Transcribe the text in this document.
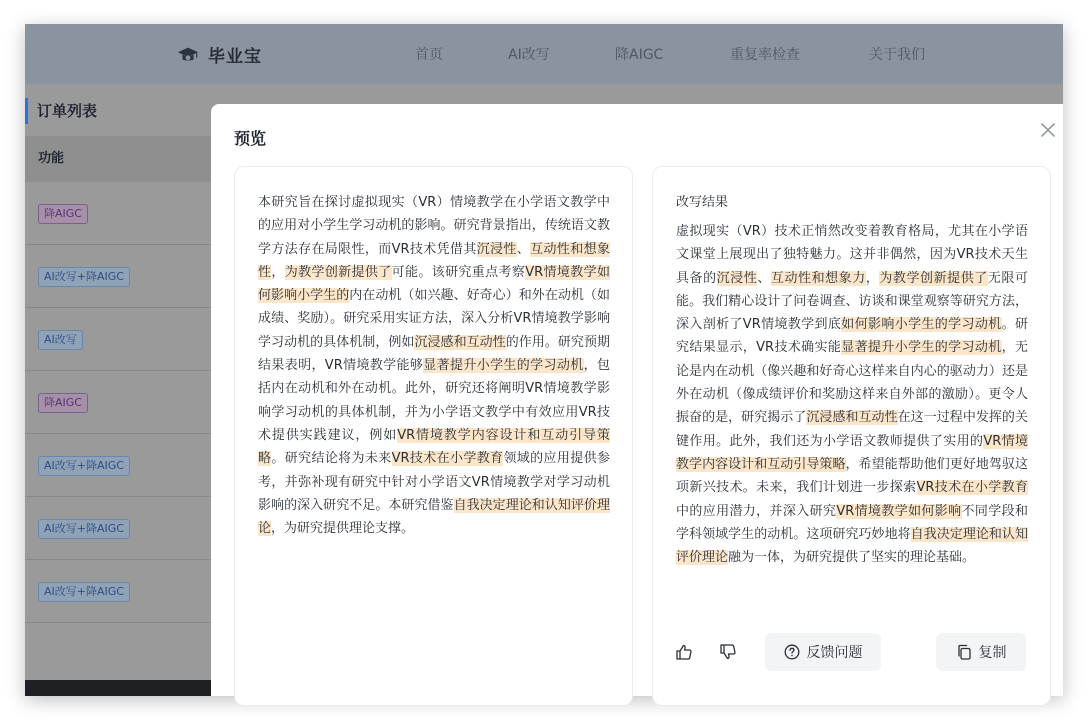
毕业宝	首页	AI改写	降AIGC	重复率检查	关于我们
订单列表
功能
降AIGC
AI改写+降AIGC
AI改写
降AIGC
AI改写+降AIGC
AI改写+降AIGC
AI改写+降AIGC
预览
本研究旨在探讨虚拟现实（VR）情境教学在小学语文教学中的应用对小学生学习动机的影响。研究背景指出，传统语文教学方法存在局限性，而VR技术凭借其沉浸性、互动性和想象性，为教学创新提供了可能。该研究重点考察VR情境教学如何影响小学生的内在动机（如兴趣、好奇心）和外在动机（如成绩、奖励）。研究采用实证方法，深入分析VR情境教学影响学习动机的具体机制，例如沉浸感和互动性的作用。研究预期结果表明，VR情境教学能够显著提升小学生的学习动机，包括内在动机和外在动机。此外，研究还将阐明VR情境教学影响学习动机的具体机制，并为小学语文教学中有效应用VR技术提供实践建议，例如VR情境教学内容设计和互动引导策略。研究结论将为未来VR技术在小学教育领域的应用提供参考，并弥补现有研究中针对小学语文VR情境教学对学习动机影响的深入研究不足。本研究借鉴自我决定理论和认知评价理论，为研究提供理论支撑。
改写结果
虚拟现实（VR）技术正悄然改变着教育格局，尤其在小学语文课堂上展现出了独特魅力。这并非偶然，因为VR技术天生具备的沉浸性、互动性和想象力，为教学创新提供了无限可能。我们精心设计了问卷调查、访谈和课堂观察等研究方法，深入剖析了VR情境教学到底如何影响小学生的学习动机。研究结果显示，VR技术确实能显著提升小学生的学习动机，无论是内在动机（像兴趣和好奇心这样来自内心的驱动力）还是外在动机（像成绩评价和奖励这样来自外部的激励）。更令人振奋的是，研究揭示了沉浸感和互动性在这一过程中发挥的关键作用。此外，我们还为小学语文教师提供了实用的VR情境教学内容设计和互动引导策略，希望能帮助他们更好地驾驭这项新兴技术。未来，我们计划进一步探索VR技术在小学教育中的应用潜力，并深入研究VR情境教学如何影响不同学段和学科领域学生的动机。这项研究巧妙地将自我决定理论和认知评价理论融为一体，为研究提供了坚实的理论基础。
反馈问题	复制
